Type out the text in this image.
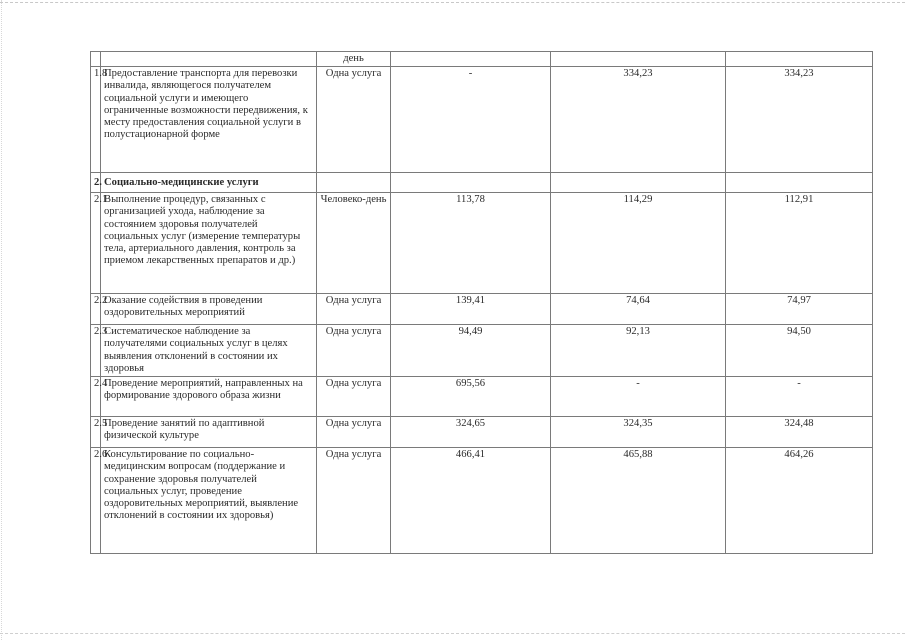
		день			
1.8	Предоставление транспорта для перевозки инвалида, являющегося получателем социальной услуги и имеющего ограниченные возможности передвижения, к месту предоставления социальной услуги в полустационарной форме	Одна услуга	-	334,23	334,23
2.	Социально-медицинские услуги				
2.1	Выполнение процедур, связанных с организацией ухода, наблюдение за состоянием здоровья получателей социальных услуг (измерение температуры тела, артериального давления, контроль за приемом лекарственных препаратов и др.)	Человеко-день	113,78	114,29	112,91
2.2	Оказание содействия в проведении оздоровительных мероприятий	Одна услуга	139,41	74,64	74,97
2.3	Систематическое наблюдение за получателями социальных услуг в целях выявления отклонений в состоянии их здоровья	Одна услуга	94,49	92,13	94,50
2.4	Проведение мероприятий, направленных на формирование здорового образа жизни	Одна услуга	695,56	-	-
2.5	Проведение занятий по адаптивной физической культуре	Одна услуга	324,65	324,35	324,48
2.6	Консультирование по социально-медицинским вопросам (поддержание и сохранение здоровья получателей социальных услуг, проведение оздоровительных мероприятий, выявление отклонений в состоянии их здоровья)	Одна услуга	466,41	465,88	464,26
